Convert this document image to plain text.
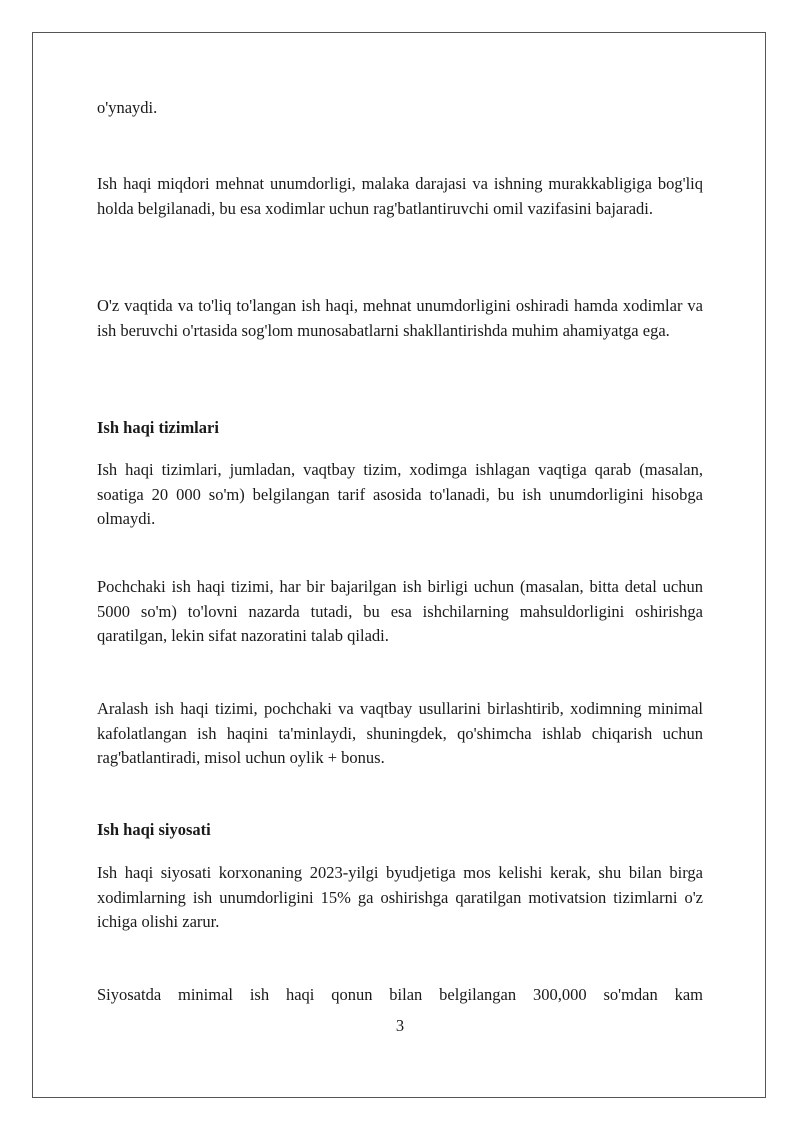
o'ynaydi.

Ish haqi miqdori mehnat unumdorligi, malaka darajasi va ishning murakkabligiga bog'liq holda belgilanadi, bu esa xodimlar uchun rag'batlantiruvchi omil vazifasini bajaradi.

O'z vaqtida va to'liq to'langan ish haqi, mehnat unumdorligini oshiradi hamda xodimlar va ish beruvchi o'rtasida sog'lom munosabatlarni shakllantirishda muhim ahamiyatga ega.

Ish haqi tizimlari

Ish haqi tizimlari, jumladan, vaqtbay tizim, xodimga ishlagan vaqtiga qarab (masalan, soatiga 20 000 so'm) belgilangan tarif asosida to'lanadi, bu ish unumdorligini hisobga olmaydi.

Pochchaki ish haqi tizimi, har bir bajarilgan ish birligi uchun (masalan, bitta detal uchun 5000 so'm) to'lovni nazarda tutadi, bu esa ishchilarning mahsuldorligini oshirishga qaratilgan, lekin sifat nazoratini talab qiladi.

Aralash ish haqi tizimi, pochchaki va vaqtbay usullarini birlashtirib, xodimning minimal kafolatlangan ish haqini ta'minlaydi, shuningdek, qo'shimcha ishlab chiqarish uchun rag'batlantiradi, misol uchun oylik + bonus.

Ish haqi siyosati

Ish haqi siyosati korxonaning 2023-yilgi byudjetiga mos kelishi kerak, shu bilan birga xodimlarning ish unumdorligini 15% ga oshirishga qaratilgan motivatsion tizimlarni o'z ichiga olishi zarur.

Siyosatda minimal ish haqi qonun bilan belgilangan 300,000 so'mdan kam

3
